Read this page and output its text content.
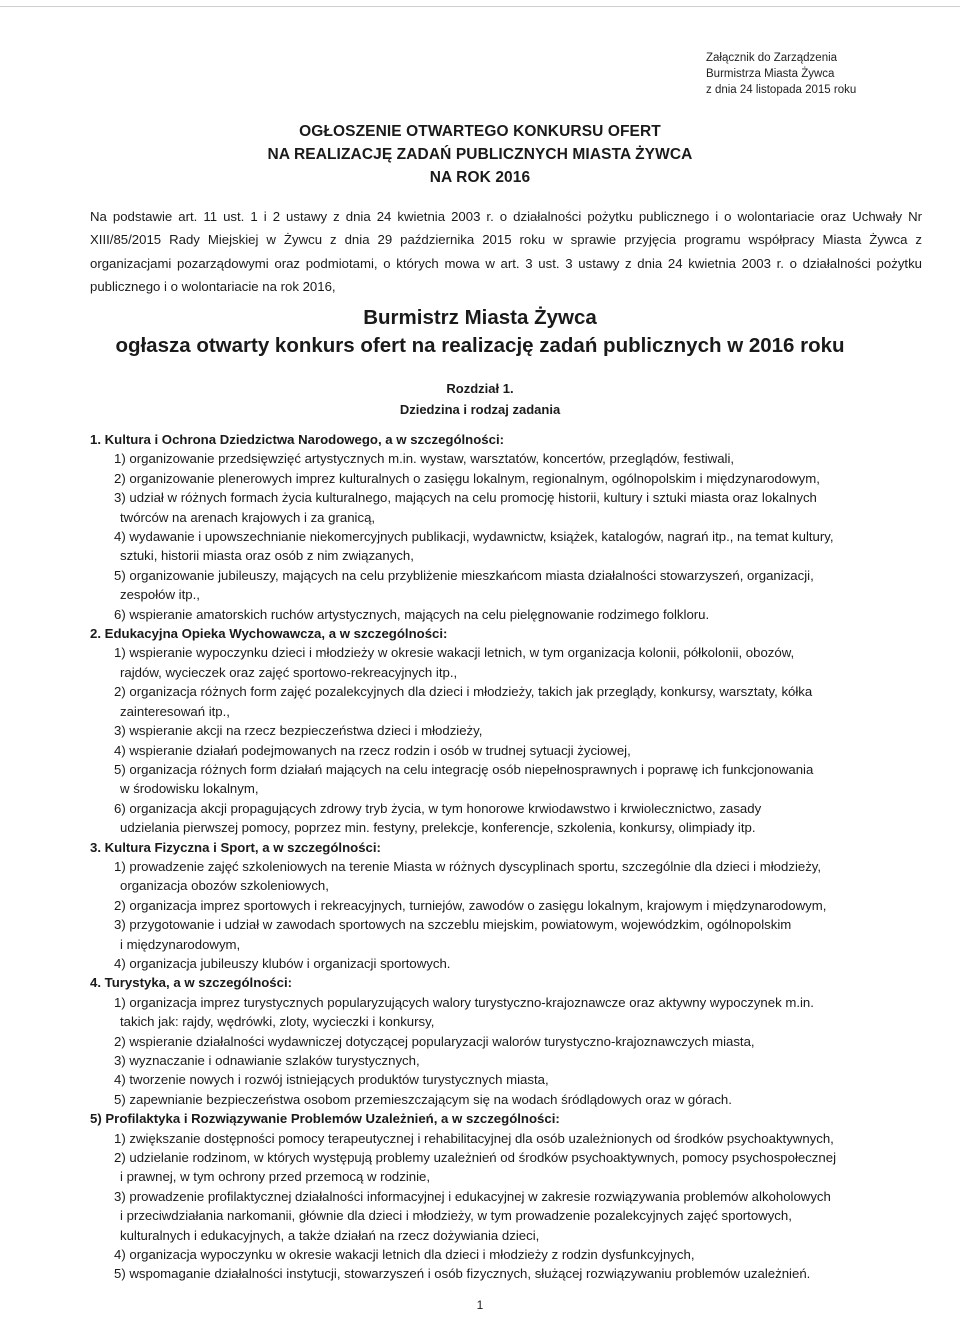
Załącznik do Zarządzenia
Burmistrza Miasta Żywca
z dnia 24 listopada 2015 roku
OGŁOSZENIE OTWARTEGO KONKURSU OFERT
NA REALIZACJĘ ZADAŃ PUBLICZNYCH MIASTA ŻYWCA
NA ROK 2016
Na podstawie art. 11 ust. 1 i 2 ustawy z dnia 24 kwietnia 2003 r. o działalności pożytku publicznego i o wolontariacie oraz Uchwały Nr XIII/85/2015 Rady Miejskiej w Żywcu z dnia 29 października 2015 roku w sprawie przyjęcia programu współpracy Miasta Żywca z organizacjami pozarządowymi oraz podmiotami, o których mowa w art. 3 ust. 3 ustawy z dnia 24 kwietnia 2003 r. o działalności pożytku publicznego i o wolontariacie na rok 2016,
Burmistrz Miasta Żywca
ogłasza otwarty konkurs ofert na realizację zadań publicznych w 2016 roku
Rozdział 1.
Dziedzina i rodzaj zadania
1. Kultura i Ochrona Dziedzictwa Narodowego, a w szczególności:
1) organizowanie przedsięwzięć artystycznych m.in. wystaw, warsztatów, koncertów, przeglądów, festiwali,
2) organizowanie plenerowych imprez kulturalnych o zasięgu lokalnym, regionalnym, ogólnopolskim i międzynarodowym,
3) udział w różnych formach życia kulturalnego, mających na celu promocję historii, kultury i sztuki miasta oraz lokalnych
twórców na arenach krajowych i za granicą,
4) wydawanie i upowszechnianie niekomercyjnych publikacji, wydawnictw, książek, katalogów, nagrań itp., na temat kultury,
sztuki, historii miasta oraz osób z nim związanych,
5) organizowanie jubileuszy, mających na celu przybliżenie mieszkańcom miasta działalności stowarzyszeń, organizacji,
zespołów itp.,
6) wspieranie amatorskich ruchów artystycznych, mających na celu pielęgnowanie rodzimego folkloru.
2. Edukacyjna Opieka Wychowawcza, a w szczególności:
1) wspieranie wypoczynku dzieci i młodzieży w okresie wakacji letnich, w tym organizacja kolonii, półkolonii, obozów,
rajdów, wycieczek oraz zajęć sportowo-rekreacyjnych itp.,
2) organizacja różnych form zajęć pozalekcyjnych dla dzieci i młodzieży, takich jak przeglądy, konkursy, warsztaty, kółka
zainteresowań itp.,
3) wspieranie akcji na rzecz bezpieczeństwa dzieci i młodzieży,
4) wspieranie działań podejmowanych na rzecz rodzin i osób w trudnej sytuacji życiowej,
5) organizacja różnych form działań mających na celu integrację osób niepełnosprawnych i poprawę ich funkcjonowania
w środowisku lokalnym,
6) organizacja akcji propagujących zdrowy tryb życia, w tym honorowe krwiodawstwo i krwiolecznictwo, zasady
udzielania pierwszej pomocy, poprzez min. festyny, prelekcje, konferencje, szkolenia, konkursy, olimpiady itp.
3. Kultura Fizyczna i Sport, a w szczególności:
1) prowadzenie zajęć szkoleniowych na terenie Miasta w różnych dyscyplinach sportu, szczególnie dla dzieci i młodzieży,
organizacja obozów szkoleniowych,
2) organizacja imprez sportowych i rekreacyjnych, turniejów, zawodów o zasięgu lokalnym, krajowym i międzynarodowym,
3) przygotowanie i udział w zawodach sportowych na szczeblu miejskim, powiatowym, wojewódzkim, ogólnopolskim
i międzynarodowym,
4) organizacja jubileuszy klubów i organizacji sportowych.
4. Turystyka, a w szczególności:
1) organizacja imprez turystycznych popularyzujących walory turystyczno-krajoznawcze oraz aktywny wypoczynek m.in.
takich jak: rajdy, wędrówki, zloty, wycieczki i konkursy,
2) wspieranie działalności wydawniczej dotyczącej popularyzacji walorów turystyczno-krajoznawczych miasta,
3) wyznaczanie i odnawianie szlaków turystycznych,
4) tworzenie nowych i rozwój istniejących produktów turystycznych miasta,
5) zapewnianie bezpieczeństwa osobom przemieszczającym się na wodach śródlądowych oraz w górach.
5) Profilaktyka i Rozwiązywanie Problemów Uzależnień, a w szczególności:
1) zwiększanie dostępności pomocy terapeutycznej i rehabilitacyjnej dla osób uzależnionych od środków psychoaktywnych,
2) udzielanie rodzinom, w których występują problemy uzależnień od środków psychoaktywnych, pomocy psychospołecznej
i prawnej, w tym ochrony przed przemocą w rodzinie,
3) prowadzenie profilaktycznej działalności informacyjnej i edukacyjnej w zakresie rozwiązywania problemów alkoholowych
i przeciwdziałania narkomanii, głównie dla dzieci i młodzieży, w tym prowadzenie pozalekcyjnych zajęć sportowych,
kulturalnych i edukacyjnych, a także działań na rzecz dożywiania dzieci,
4) organizacja wypoczynku w okresie wakacji letnich dla dzieci i młodzieży z rodzin dysfunkcyjnych,
5) wspomaganie działalności instytucji, stowarzyszeń i osób fizycznych, służącej rozwiązywaniu problemów uzależnień.
1
